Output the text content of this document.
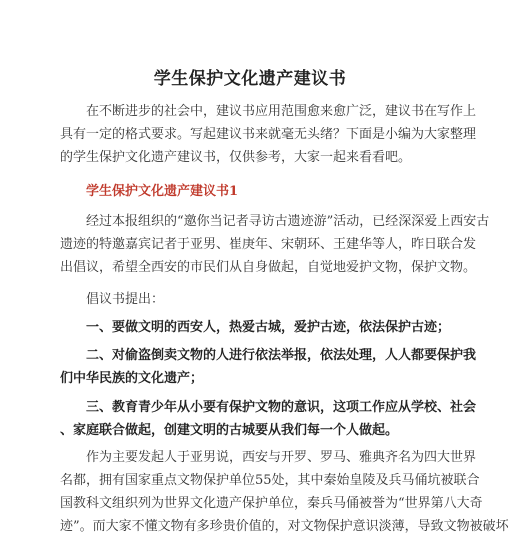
学生保护文化遗产建议书

在不断进步的社会中，建议书应用范围愈来愈广泛，建议书在写作上
具有一定的格式要求。写起建议书来就毫无头绪？下面是小编为大家整理
的学生保护文化遗产建议书，仅供参考，大家一起来看看吧。

学生保护文化遗产建议书1

经过本报组织的“邀你当记者寻访古遗迹游”活动，已经深深爱上西安古
遗迹的特邀嘉宾记者于亚男、崔庚年、宋朝环、王建华等人，昨日联合发
出倡议，希望全西安的市民们从自身做起，自觉地爱护文物，保护文物。

倡议书提出：

一、要做文明的西安人，热爱古城，爱护古迹，依法保护古迹；

二、对偷盗倒卖文物的人进行依法举报，依法处理，人人都要保护我
们中华民族的文化遗产；

三、教育青少年从小要有保护文物的意识，这项工作应从学校、社会
、家庭联合做起，创建文明的古城要从我们每一个人做起。

作为主要发起人于亚男说，西安与开罗、罗马、雅典齐名为四大世界
名都，拥有国家重点文物保护单位55处，其中秦始皇陵及兵马俑坑被联合
国教科文组织列为世界文化遗产保护单位，秦兵马俑被誉为“世界第八大奇
迹”。而大家不懂文物有多珍贵价值的，对文物保护意识淡薄，导致文物被破坏
